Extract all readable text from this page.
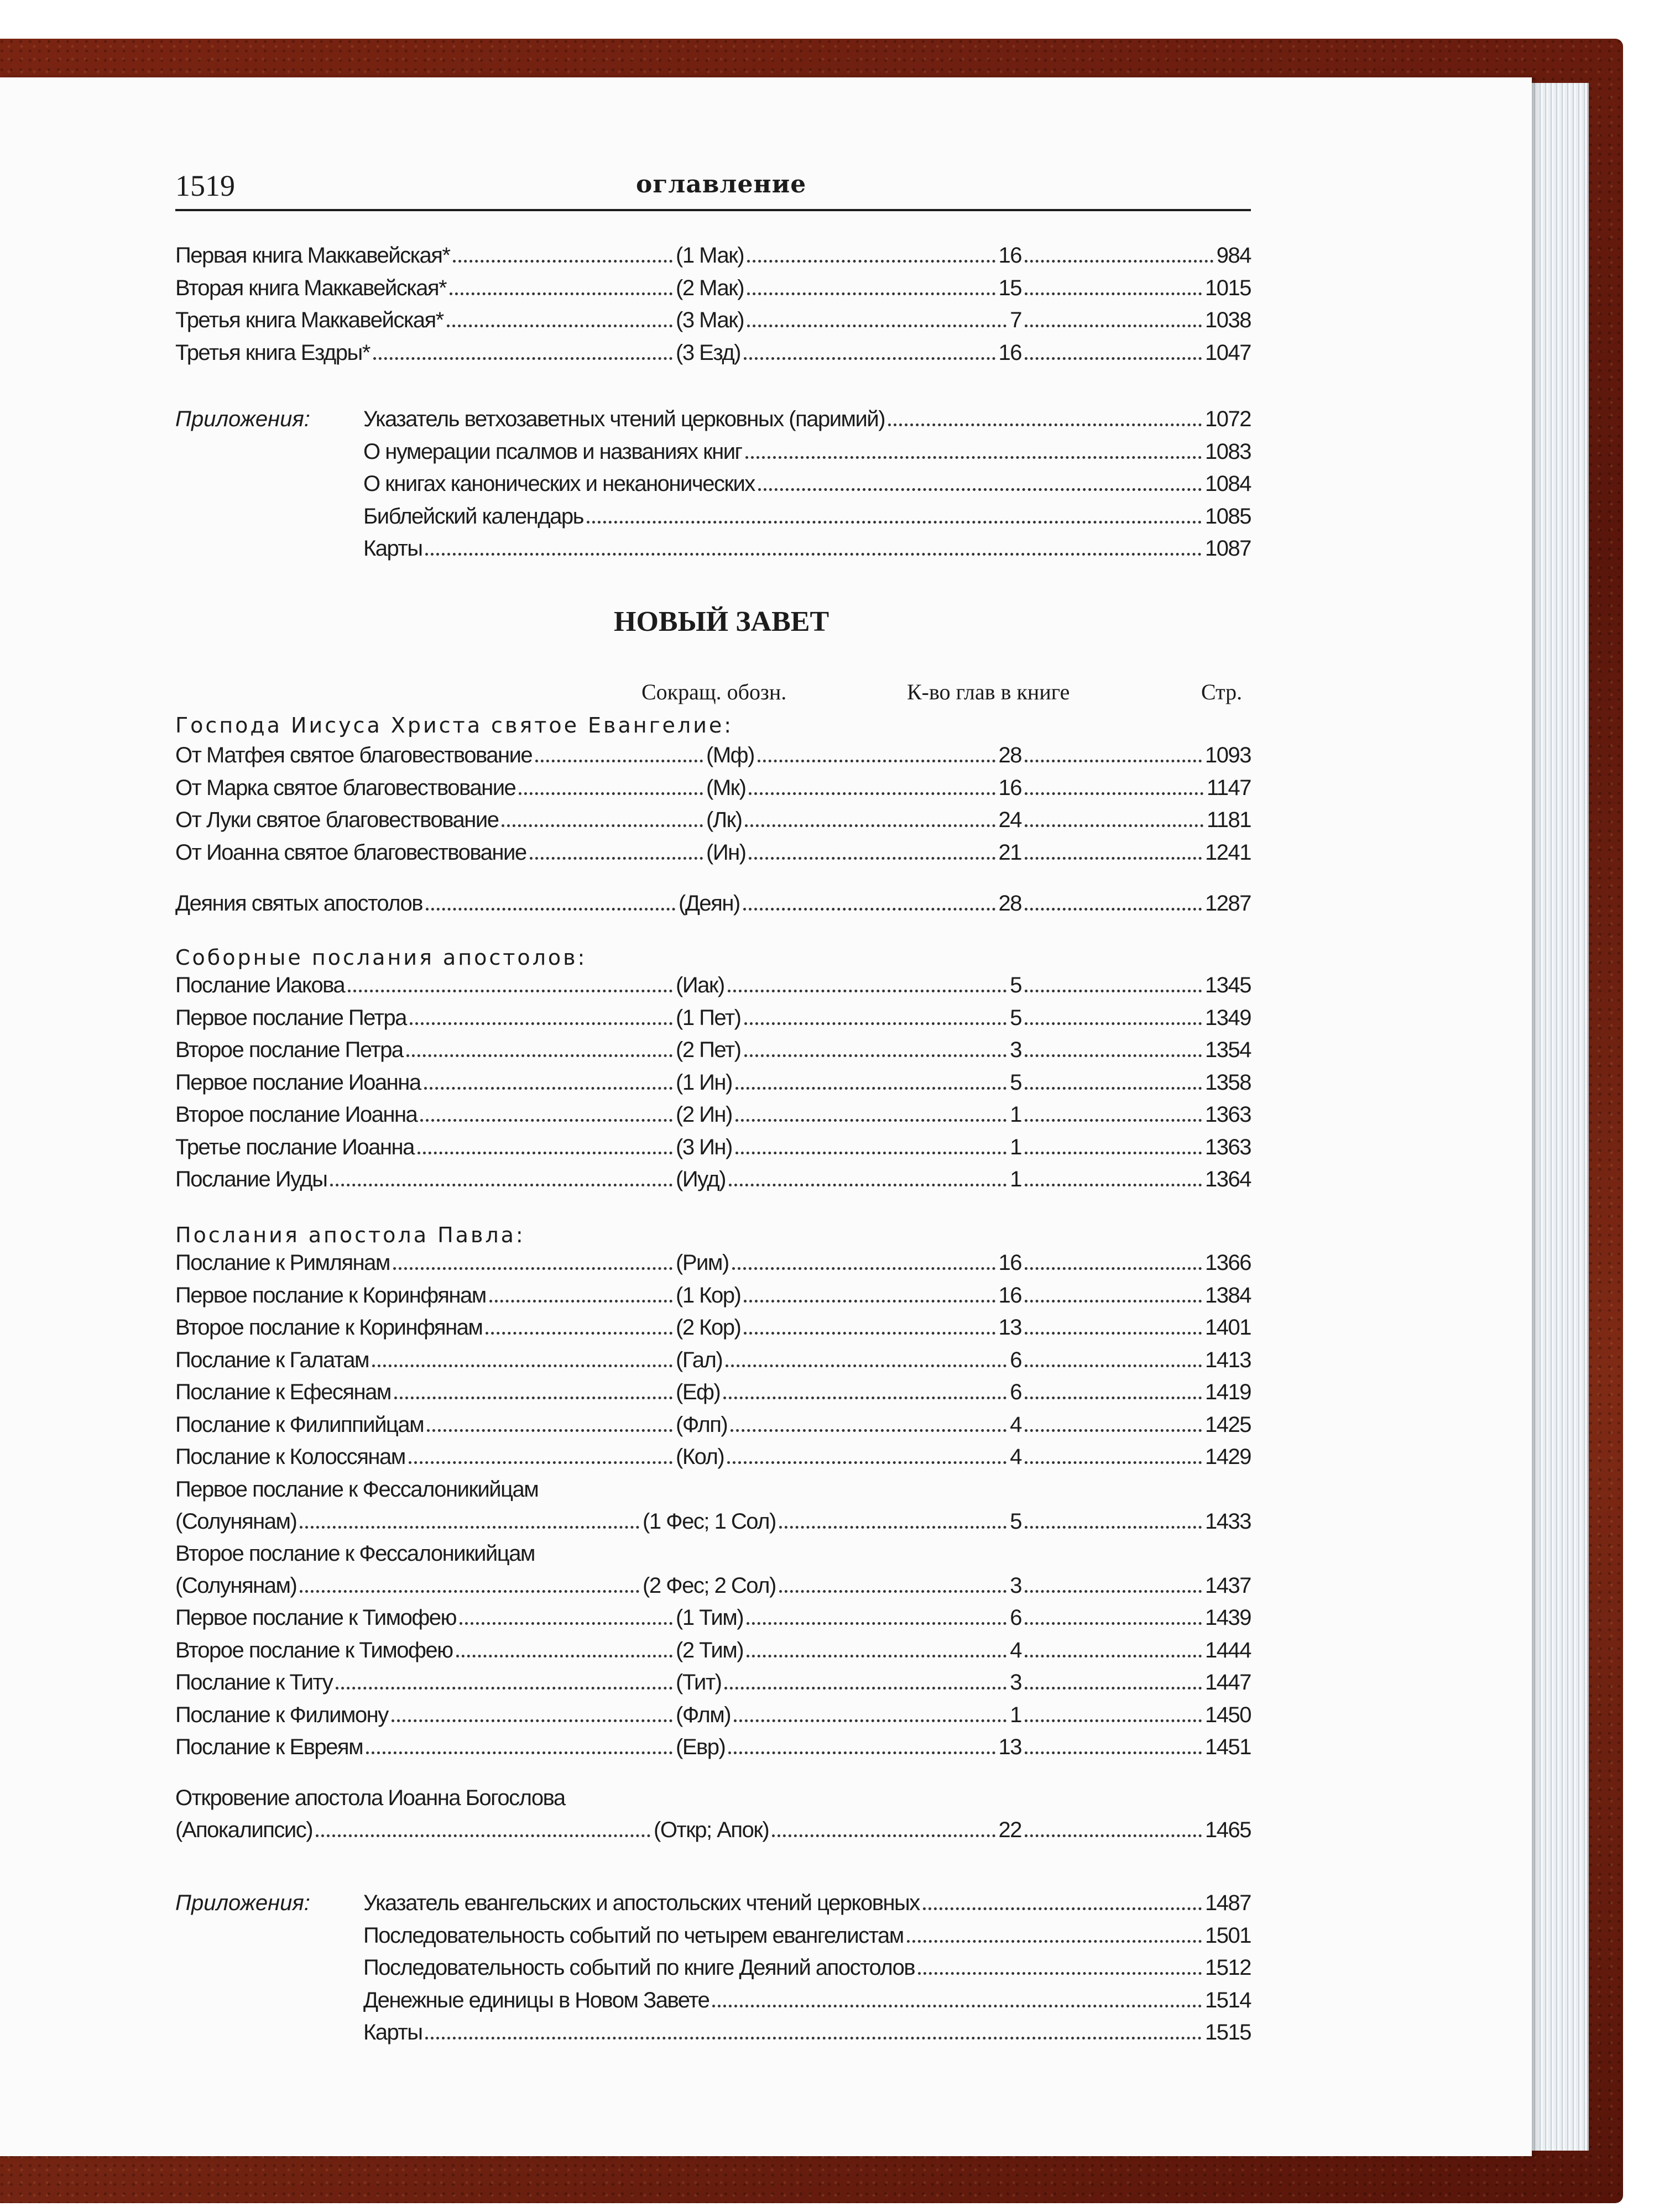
1519	оглавление
Первая книга Маккавейская*	(1 Мак)	16	984
Вторая книга Маккавейская*	(2 Мак)	15	1015
Третья книга Маккавейская*	(3 Мак)	7	1038
Третья книга Ездры*	(3 Езд)	16	1047
Приложения: Указатель ветхозаветных чтений церковных (паримий)	1072
О нумерации псалмов и названиях книг	1083
О книгах канонических и неканонических	1084
Библейский календарь	1085
Карты	1087
НОВЫЙ ЗАВЕТ
Сокращ. обозн.	К-во глав в книге	Стр.
Господа Иисуса Христа святое Евангелие:
Соборные послания апостолов:
Послания апостола Павла:
Приложения:
От Матфея святое благовествование	(Мф)	28	1093
От Марка святое благовествование	(Мк)	16	1147
От Луки святое благовествование	(Лк)	24	1181
От Иоанна святое благовествование	(Ин)	21	1241
Деяния святых апостолов	(Деян)	28	1287
Послание Иакова	(Иак)	5	1345
Первое послание Петра	(1 Пет)	5	1349
Второе послание Петра	(2 Пет)	3	1354
Первое послание Иоанна	(1 Ин)	5	1358
Второе послание Иоанна	(2 Ин)	1	1363
Третье послание Иоанна	(3 Ин)	1	1363
Послание Иуды	(Иуд)	1	1364
Послание к Римлянам	(Рим)	16	1366
Первое послание к Коринфянам	(1 Кор)	16	1384
Второе послание к Коринфянам	(2 Кор)	13	1401
Послание к Галатам	(Гал)	6	1413
Послание к Ефесянам	(Еф)	6	1419
Послание к Филиппийцам	(Флп)	4	1425
Послание к Колоссянам	(Кол)	4	1429
Первое послание к Фессалоникийцам
(Солунянам)	(1 Фес; 1 Сол)	5	1433
Второе послание к Фессалоникийцам
(Солунянам)	(2 Фес; 2 Сол)	3	1437
Первое послание к Тимофею	(1 Тим)	6	1439
Второе послание к Тимофею	(2 Тим)	4	1444
Послание к Титу	(Тит)	3	1447
Послание к Филимону	(Флм)	1	1450
Послание к Евреям	(Евр)	13	1451
Откровение апостола Иоанна Богослова
(Апокалипсис)	(Откр; Апок)	22	1465
Указатель евангельских и апостольских чтений церковных	1487
Последовательность событий по четырем евангелистам	1501
Последовательность событий по книге Деяний апостолов	1512
Денежные единицы в Новом Завете	1514
Карты	1515
